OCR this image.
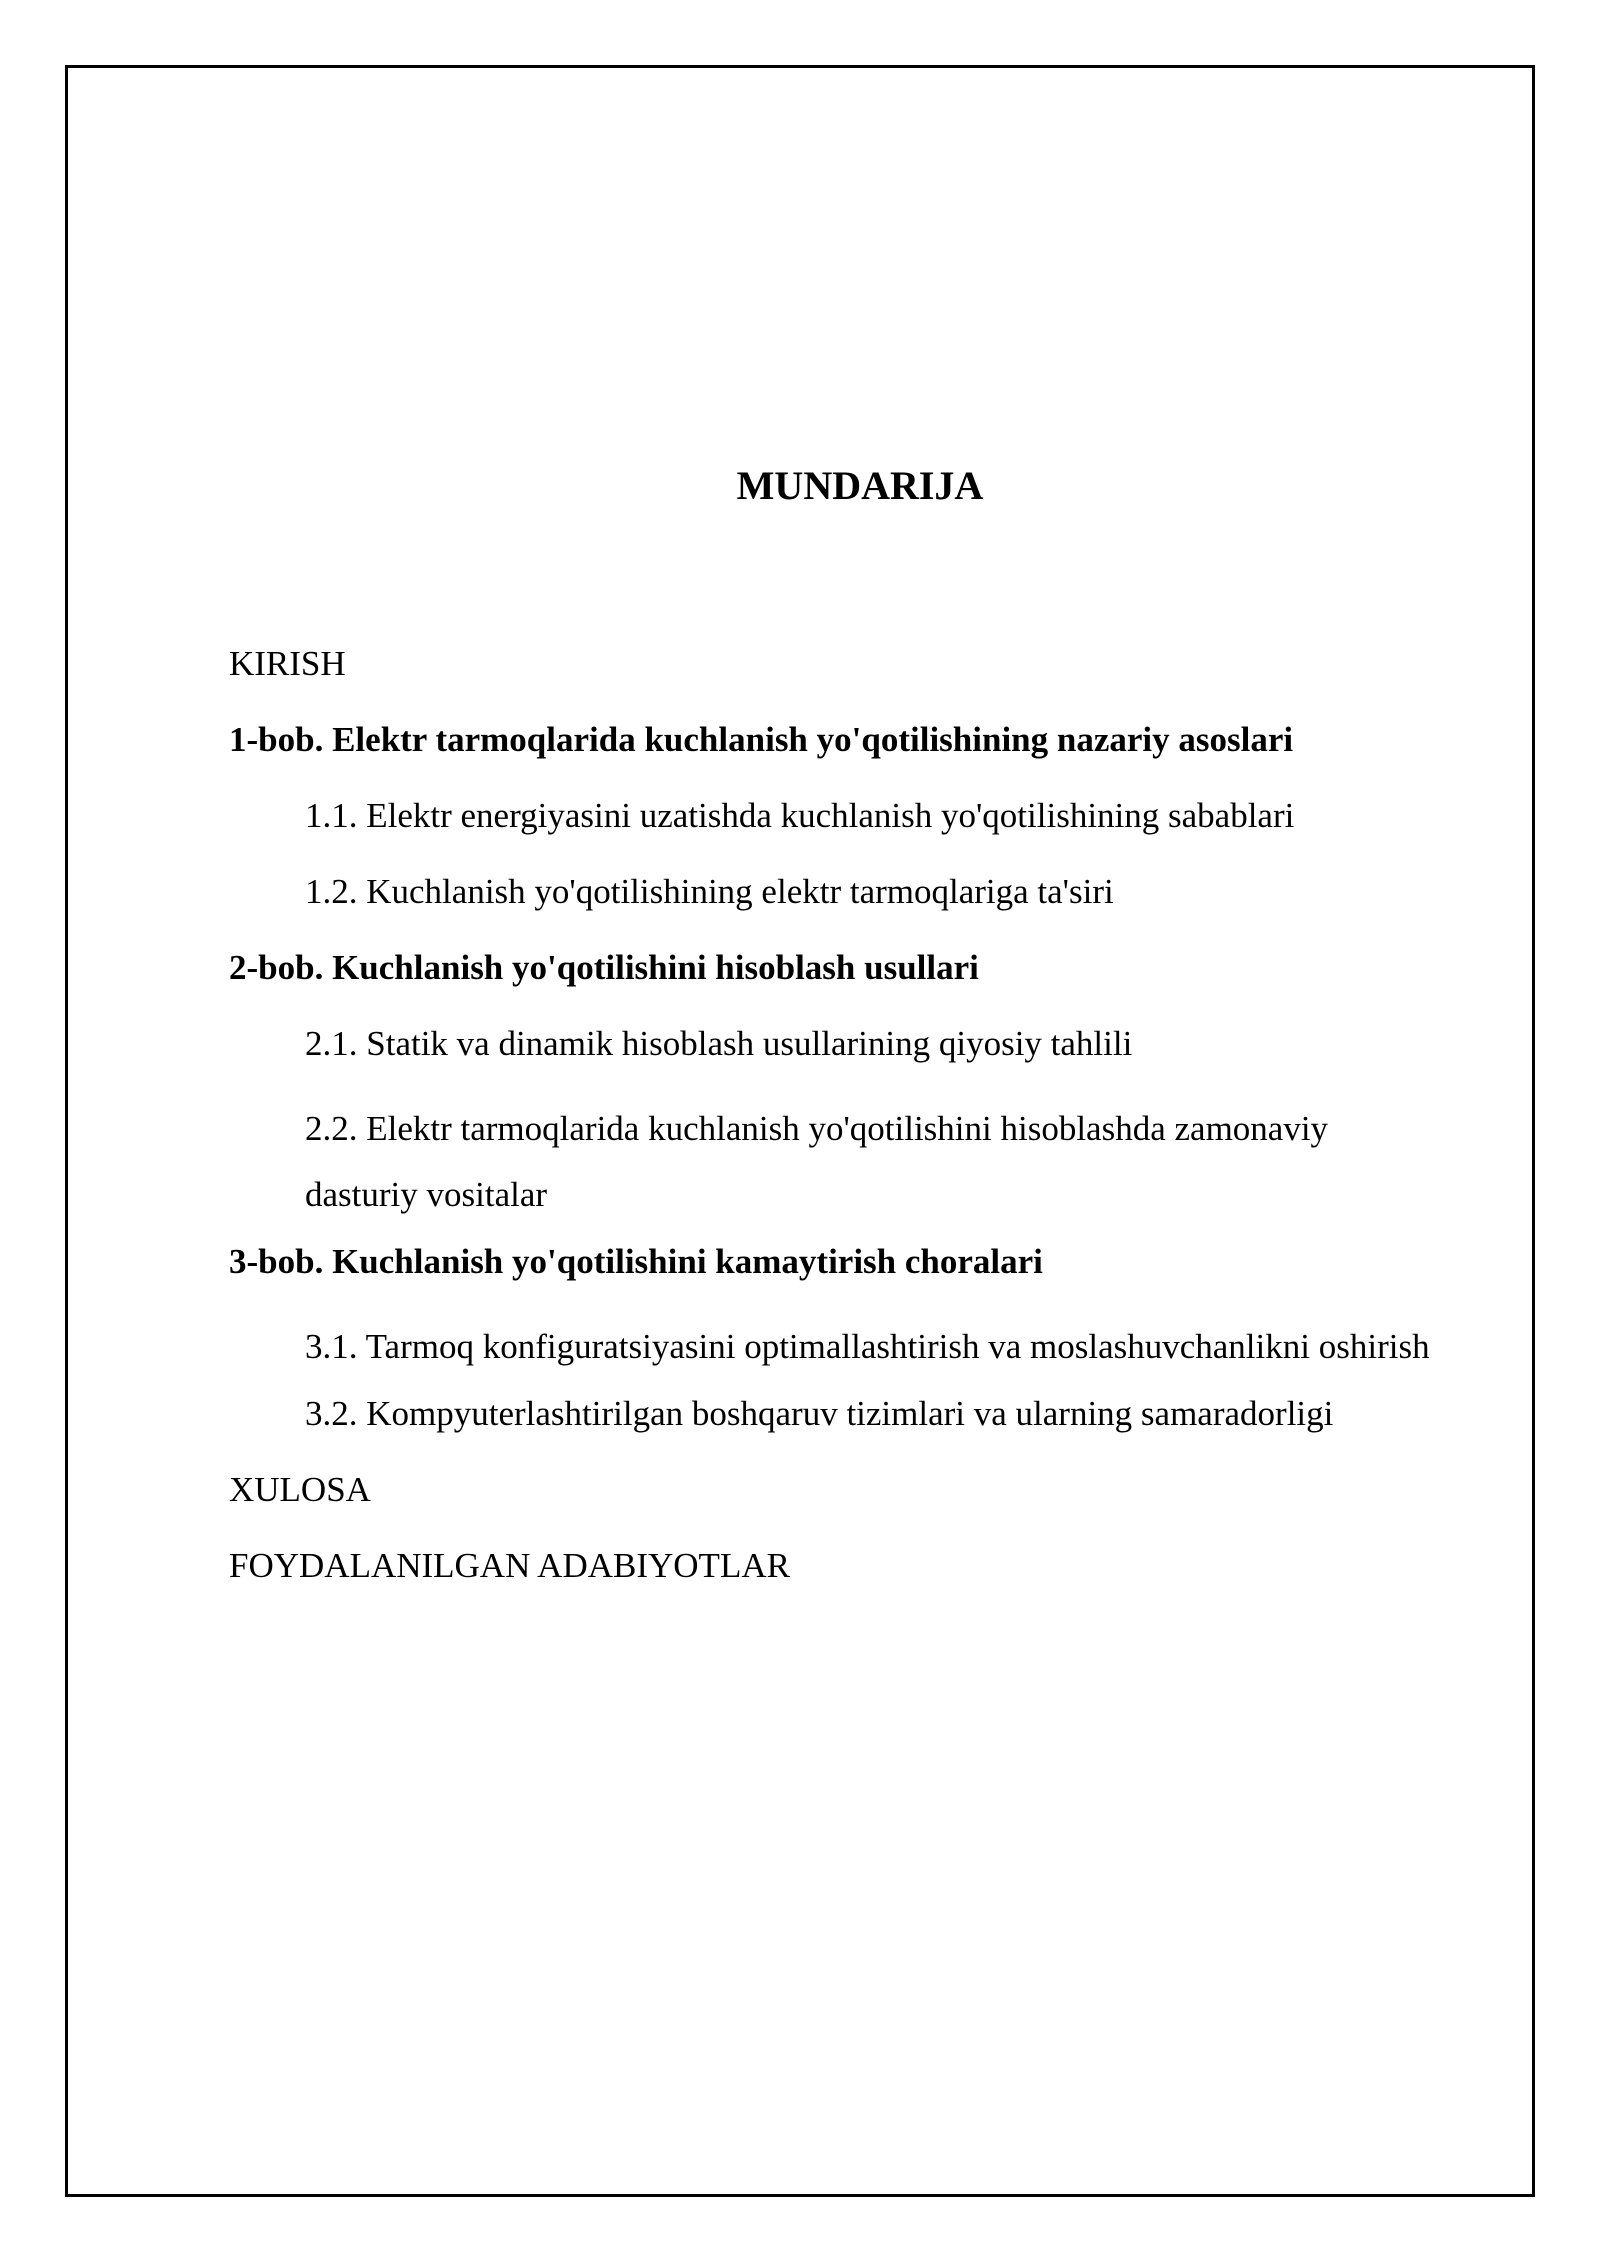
MUNDARIJA
KIRISH
1-bob. Elektr tarmoqlarida kuchlanish yo'qotilishining nazariy asoslari
1.1. Elektr energiyasini uzatishda kuchlanish yo'qotilishining sabablari
1.2. Kuchlanish yo'qotilishining elektr tarmoqlariga ta'siri
2-bob. Kuchlanish yo'qotilishini hisoblash usullari
2.1. Statik va dinamik hisoblash usullarining qiyosiy tahlili
2.2. Elektr tarmoqlarida kuchlanish yo'qotilishini hisoblashda zamonaviy dasturiy vositalar
3-bob. Kuchlanish yo'qotilishini kamaytirish choralari
3.1. Tarmoq konfiguratsiyasini optimallashtirish va moslashuvchanlikni oshirish
3.2. Kompyuterlashtirilgan boshqaruv tizimlari va ularning samaradorligi
XULOSA
FOYDALANILGAN ADABIYOTLAR
